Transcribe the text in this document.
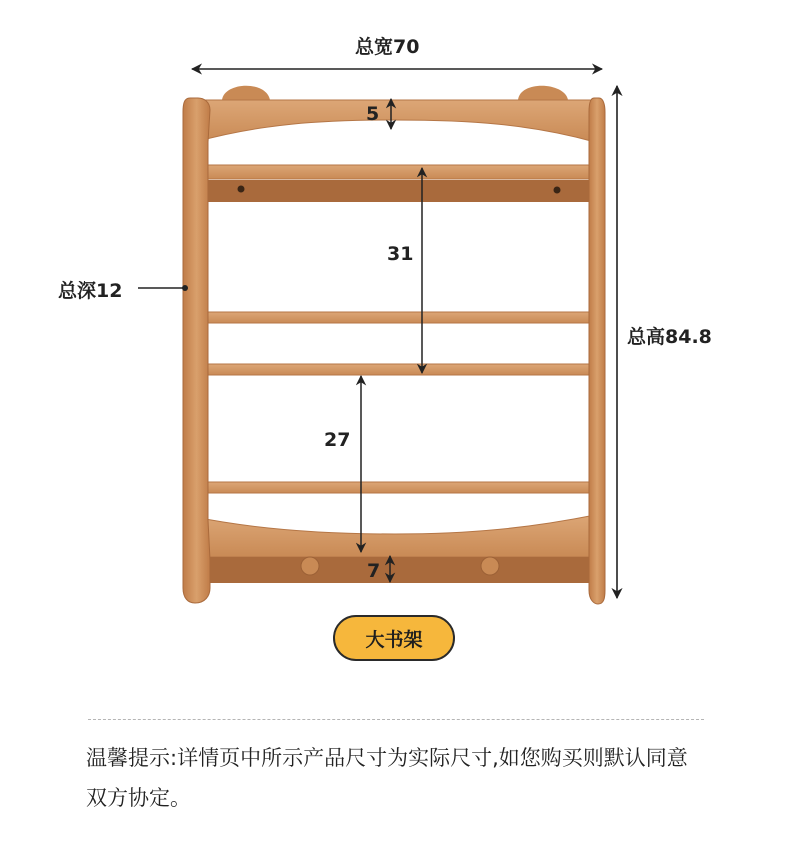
总宽70
总深12
总高84.8
5
31
27
7
大书架
温馨提示:详情页中所示产品尺寸为实际尺寸,如您购买则默认同意双方协定。
